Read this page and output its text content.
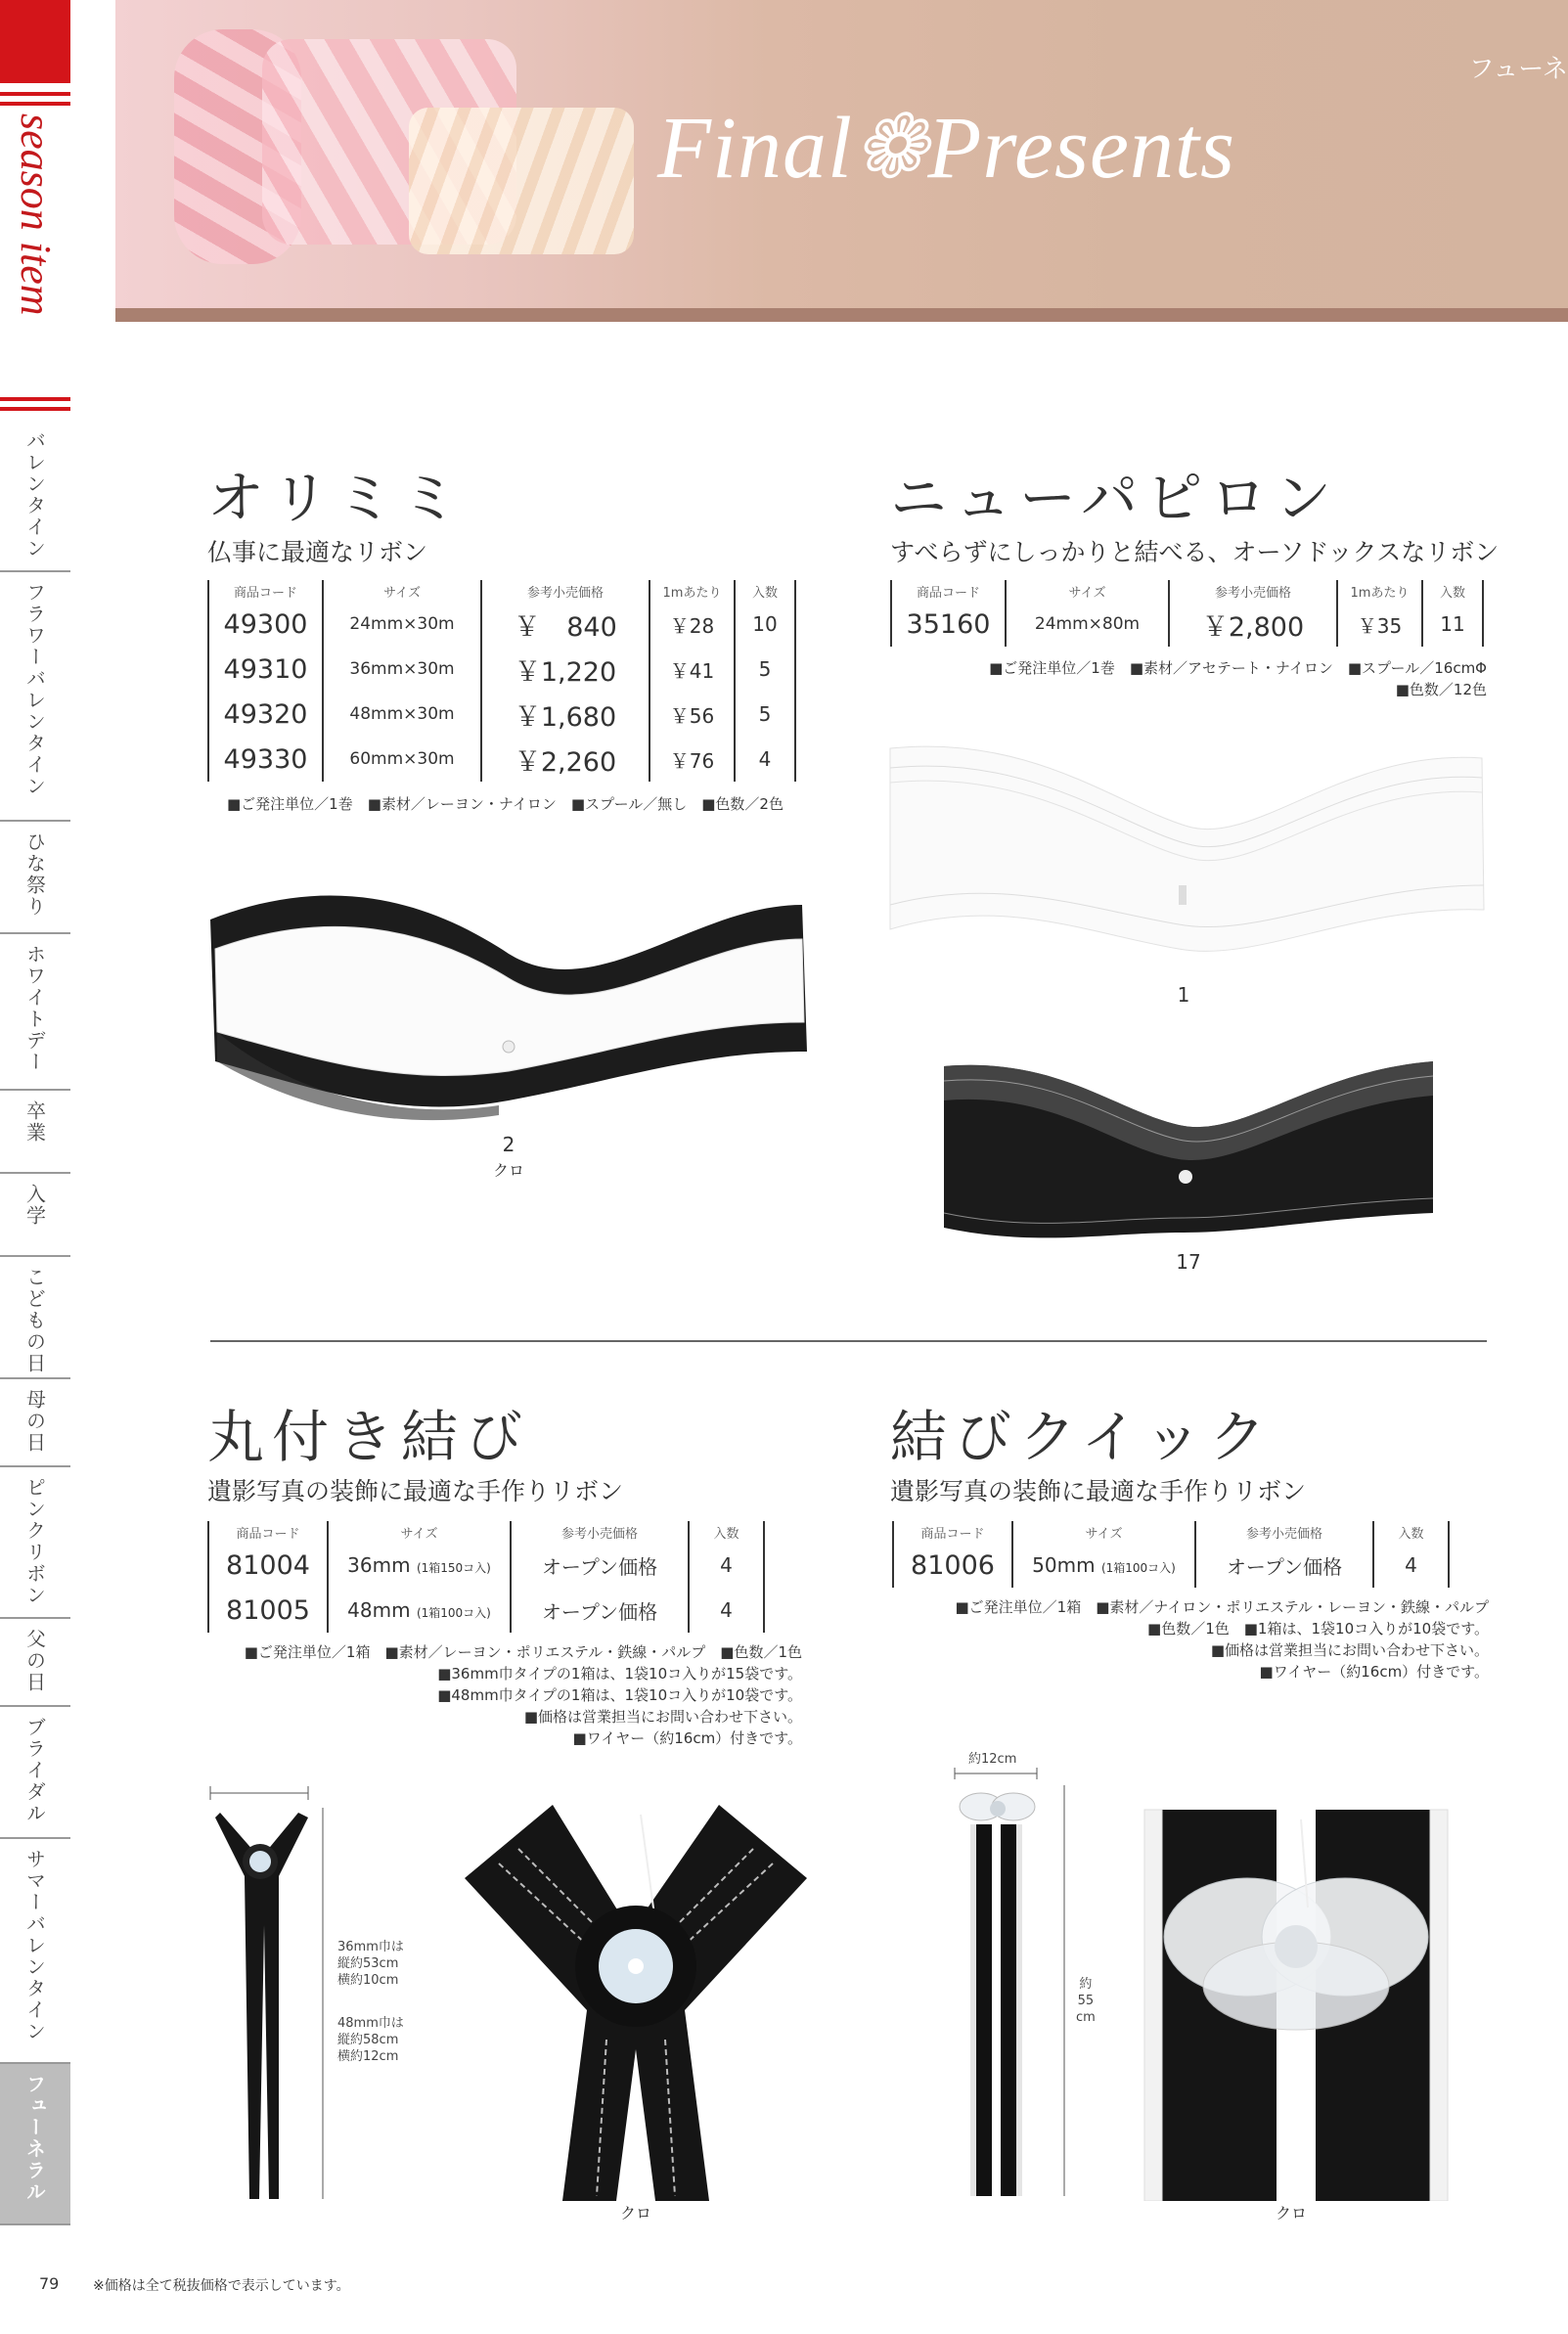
season item
バレンタイン
フラワーバレンタイン
ひな祭り
ホワイトデー
卒業
入学
こどもの日
母の日
ピンクリボン
父の日
ブライダル
サマーバレンタイン
フューネラル
フューネ
Final❁Presents
オリミミ
仏事に最適なリボン
商品コード	サイズ	参考小売価格	1mあたり	入数
49300	24mm×30m	￥　840	￥28	10
49310	36mm×30m	￥1,220	￥41	5
49320	48mm×30m	￥1,680	￥56	5
49330	60mm×30m	￥2,260	￥76	4
■ご発注単位／1巻　■素材／レーヨン・ナイロン　■スプール／無し　■色数／2色
2
クロ
ニューパピロン
すべらずにしっかりと結べる、オーソドックスなリボン
商品コード	サイズ	参考小売価格	1mあたり	入数
35160	24mm×80m	￥2,800	￥35	11
■ご発注単位／1巻　■素材／アセテート・ナイロン　■スプール／16cmΦ
■色数／12色
1
17
丸付き結び
遺影写真の装飾に最適な手作りリボン
商品コード	サイズ	参考小売価格	入数
81004	36mm (1箱150コ入)	オープン価格	4
81005	48mm (1箱100コ入)	オープン価格	4
■ご発注単位／1箱　■素材／レーヨン・ポリエステル・鉄線・パルプ　■色数／1色
■36mm巾タイプの1箱は、1袋10コ入りが15袋です。
■48mm巾タイプの1箱は、1袋10コ入りが10袋です。
■価格は営業担当にお問い合わせ下さい。
■ワイヤー（約16cm）付きです。
36mm巾は
縦約53cm
横約10cm
48mm巾は
縦約58cm
横約12cm
クロ
結びクイック
遺影写真の装飾に最適な手作りリボン
商品コード	サイズ	参考小売価格	入数
81006	50mm (1箱100コ入)	オープン価格	4
■ご発注単位／1箱　■素材／ナイロン・ポリエステル・レーヨン・鉄線・パルプ
■色数／1色　■1箱は、1袋10コ入りが10袋です。
■価格は営業担当にお問い合わせ下さい。
■ワイヤー（約16cm）付きです。
約12cm
約
55
cm
クロ
79 ※価格は全て税抜価格で表示しています。
